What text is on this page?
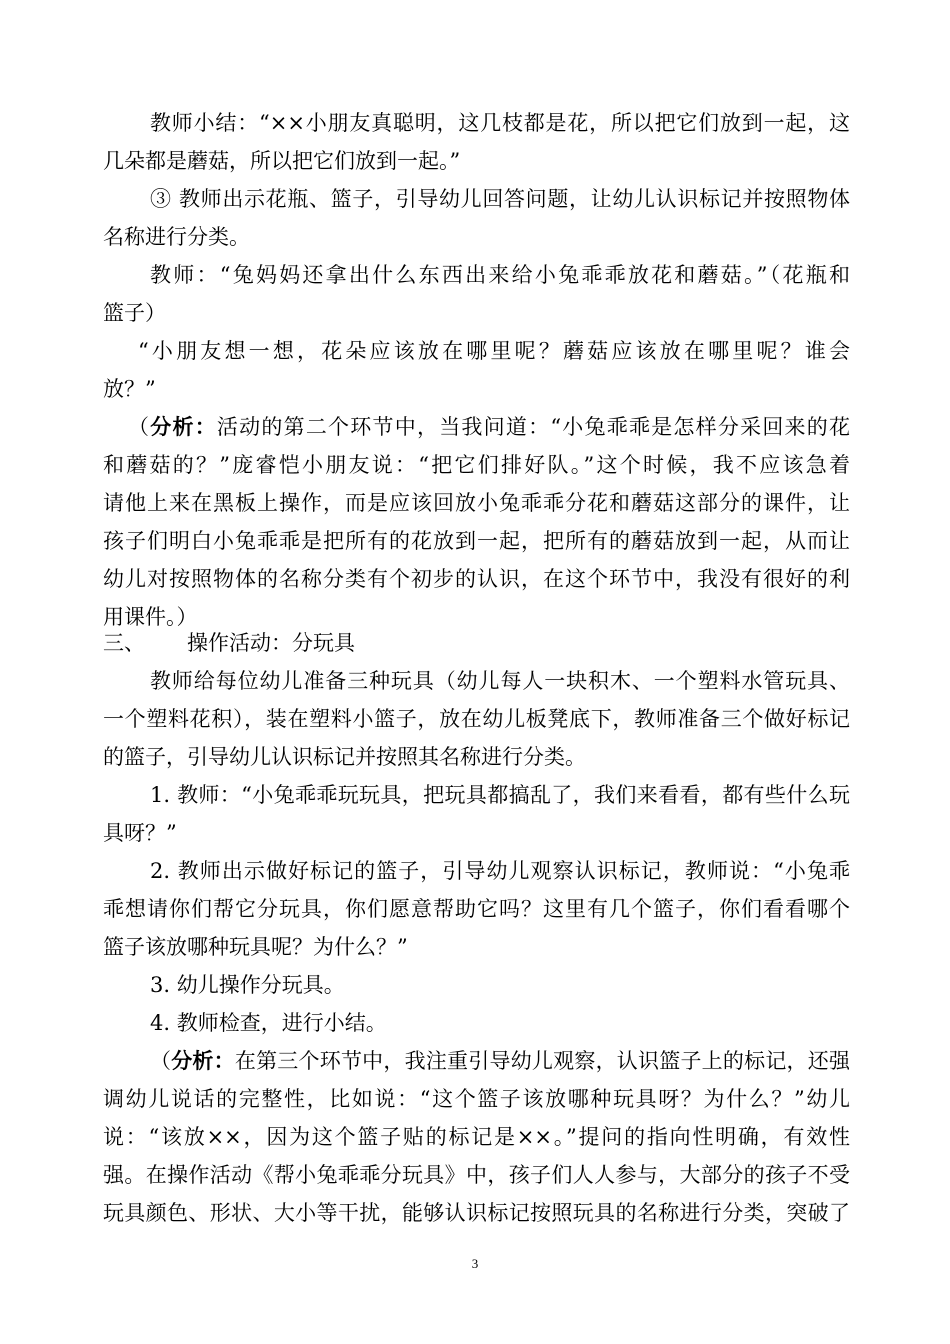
教师小结：“××小朋友真聪明，这几枝都是花，所以把它们放到一起，这
几朵都是蘑菇，所以把它们放到一起。”
③ 教师出示花瓶、篮子，引导幼儿回答问题，让幼儿认识标记并按照物体
名称进行分类。
教师：“兔妈妈还拿出什么东西出来给小兔乖乖放花和蘑菇。”（花瓶和
篮子）
“小朋友想一想，花朵应该放在哪里呢？蘑菇应该放在哪里呢？谁会
放？”
（分析：活动的第二个环节中，当我问道：“小兔乖乖是怎样分采回来的花
和蘑菇的？”庞睿恺小朋友说：“把它们排好队。”这个时候，我不应该急着
请他上来在黑板上操作，而是应该回放小兔乖乖分花和蘑菇这部分的课件，让
孩子们明白小兔乖乖是把所有的花放到一起，把所有的蘑菇放到一起，从而让
幼儿对按照物体的名称分类有个初步的认识，在这个环节中，我没有很好的利
用课件。）
三、 操作活动：分玩具
教师给每位幼儿准备三种玩具（幼儿每人一块积木、一个塑料水管玩具、
一个塑料花积），装在塑料小篮子，放在幼儿板凳底下，教师准备三个做好标记
的篮子，引导幼儿认识标记并按照其名称进行分类。
1. 教师：“小兔乖乖玩玩具，把玩具都搞乱了，我们来看看，都有些什么玩
具呀？”
2. 教师出示做好标记的篮子，引导幼儿观察认识标记，教师说：“小兔乖
乖想请你们帮它分玩具，你们愿意帮助它吗？这里有几个篮子，你们看看哪个
篮子该放哪种玩具呢？为什么？”
3. 幼儿操作分玩具。
4. 教师检查，进行小结。
（分析：在第三个环节中，我注重引导幼儿观察，认识篮子上的标记，还强
调幼儿说话的完整性，比如说：“这个篮子该放哪种玩具呀？为什么？”幼儿
说：“该放××，因为这个篮子贴的标记是××。”提问的指向性明确，有效性
强。在操作活动《帮小兔乖乖分玩具》中，孩子们人人参与，大部分的孩子不受
玩具颜色、形状、大小等干扰，能够认识标记按照玩具的名称进行分类，突破了
3
